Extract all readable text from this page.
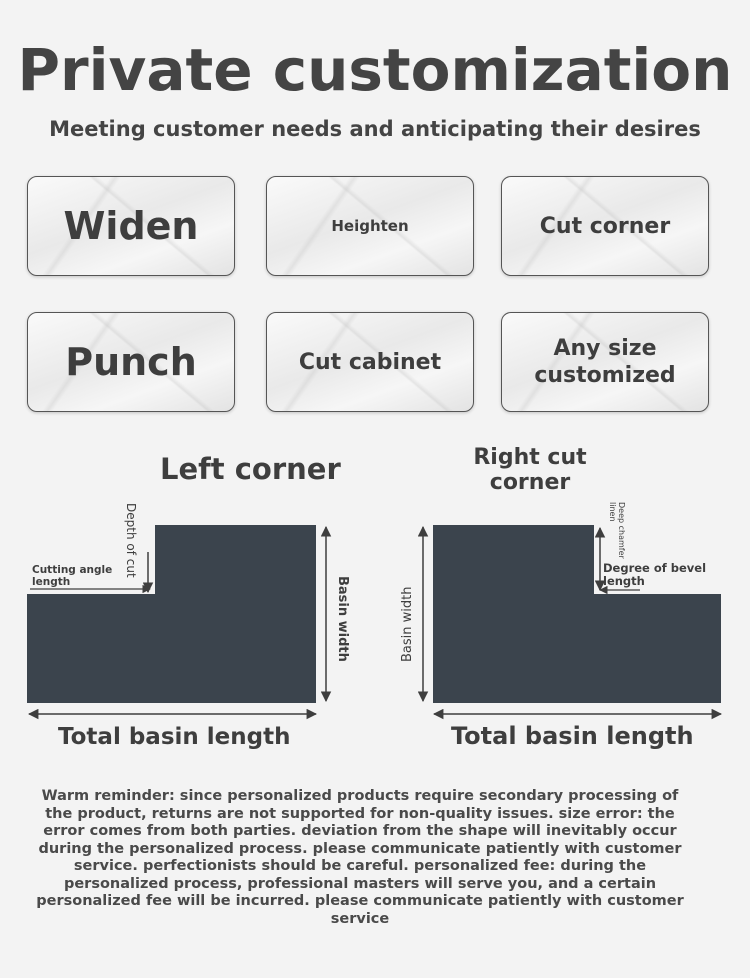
Private customization
Meeting customer needs and anticipating their desires
Widen	Heighten	Cut corner
Punch	Cut cabinet
Any size customized
Left corner
Cutting angle length
Depth of cut
Basin width
Total basin length
Right cut corner
Deep chamfer linen
Degree of bevel length
Basin width
Total basin length
Warm reminder: since personalized products require secondary processing of the product, returns are not supported for non-quality issues. size error: the error comes from both parties. deviation from the shape will inevitably occur during the personalized process. please communicate patiently with customer service. perfectionists should be careful. personalized fee: during the personalized process, professional masters will serve you, and a certain personalized fee will be incurred. please communicate patiently with customer service
